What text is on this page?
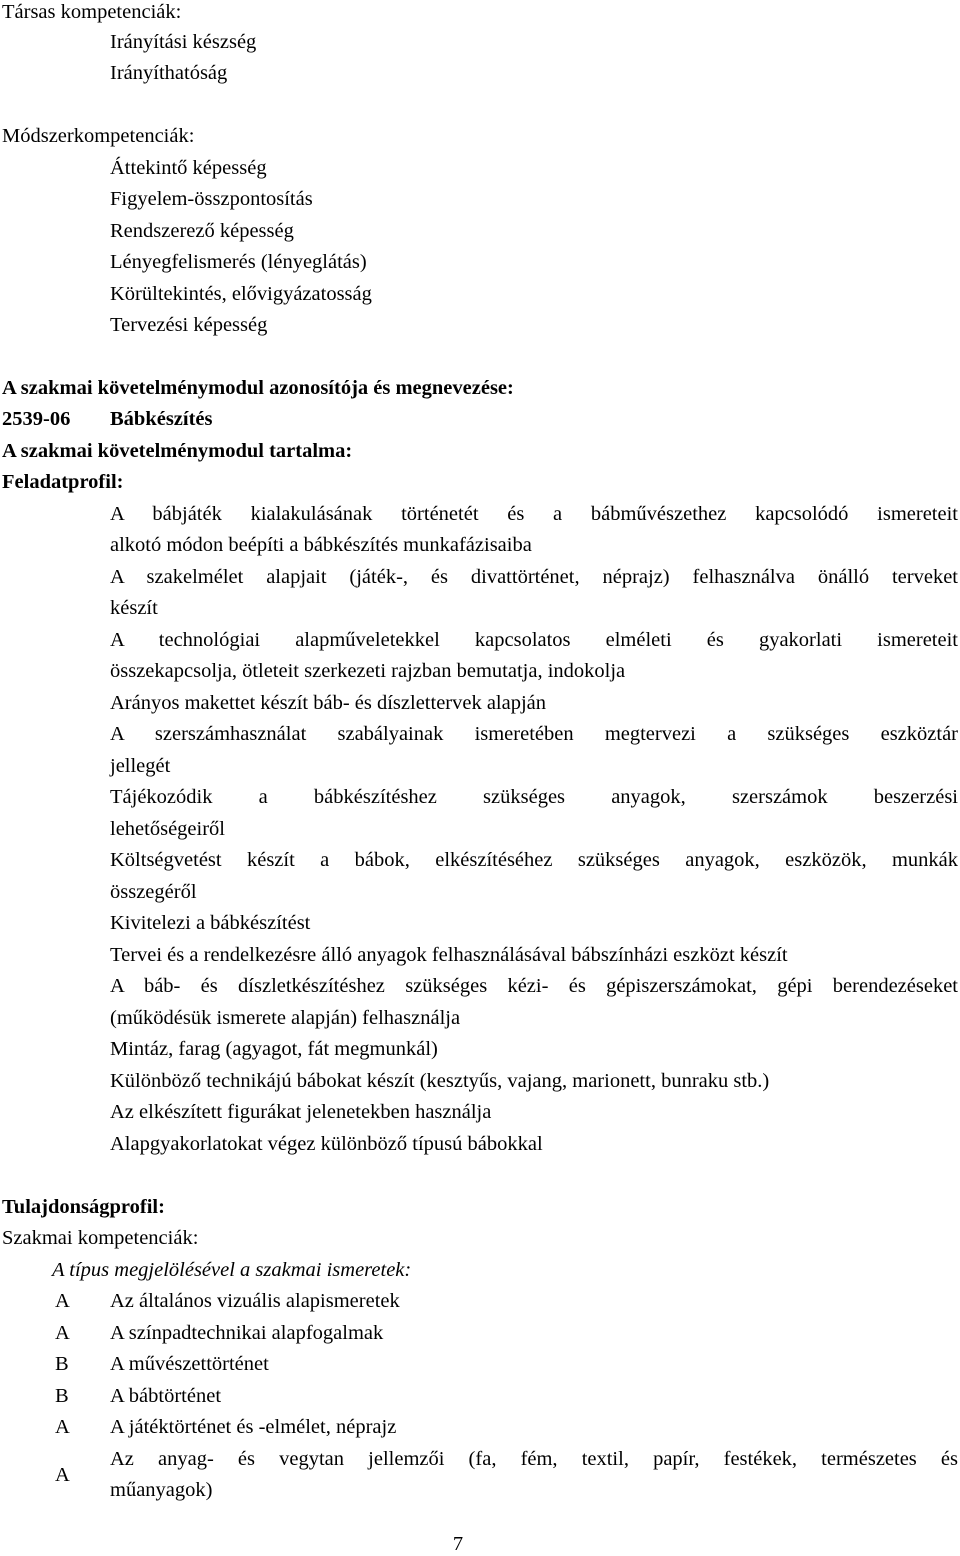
Társas kompetenciák:
Irányítási készség
Irányíthatóság
Módszerkompetenciák:
Áttekintő képesség
Figyelem-összpontosítás
Rendszerező képesség
Lényegfelismerés (lényeglátás)
Körültekintés, elővigyázatosság
Tervezési képesség
A szakmai követelménymodul azonosítója és megnevezése:
2539-06 Bábkészítés
A szakmai követelménymodul tartalma:
Feladatprofil:
A bábjáték kialakulásának történetét és a bábművészethez kapcsolódó ismereteit
alkotó módon beépíti a bábkészítés munkafázisaiba
A szakelmélet alapjait (játék-, és divattörténet, néprajz) felhasználva önálló terveket
készít
A technológiai alapműveletekkel kapcsolatos elméleti és gyakorlati ismereteit
összekapcsolja, ötleteit szerkezeti rajzban bemutatja, indokolja
Arányos makettet készít báb- és díszlettervek alapján
A szerszámhasználat szabályainak ismeretében megtervezi a szükséges eszköztár
jellegét
Tájékozódik a bábkészítéshez szükséges anyagok, szerszámok beszerzési
lehetőségeiről
Költségvetést készít a bábok, elkészítéséhez szükséges anyagok, eszközök, munkák
összegéről
Kivitelezi a bábkészítést
Tervei és a rendelkezésre álló anyagok felhasználásával bábszínházi eszközt készít
A báb- és díszletkészítéshez szükséges kézi- és gépiszerszámokat, gépi berendezéseket
(működésük ismerete alapján) felhasználja
Mintáz, farag (agyagot, fát megmunkál)
Különböző technikájú bábokat készít (kesztyűs, vajang, marionett, bunraku stb.)
Az elkészített figurákat jelenetekben használja
Alapgyakorlatokat végez különböző típusú bábokkal
Tulajdonságprofil:
Szakmai kompetenciák:
A típus megjelölésével a szakmai ismeretek:
A Az általános vizuális alapismeretek
A A színpadtechnikai alapfogalmak
B A művészettörténet
B A bábtörténet
A A játéktörténet és -elmélet, néprajz
A
Az anyag- és vegytan jellemzői (fa, fém, textil, papír, festékek, természetes és
műanyagok)
7
